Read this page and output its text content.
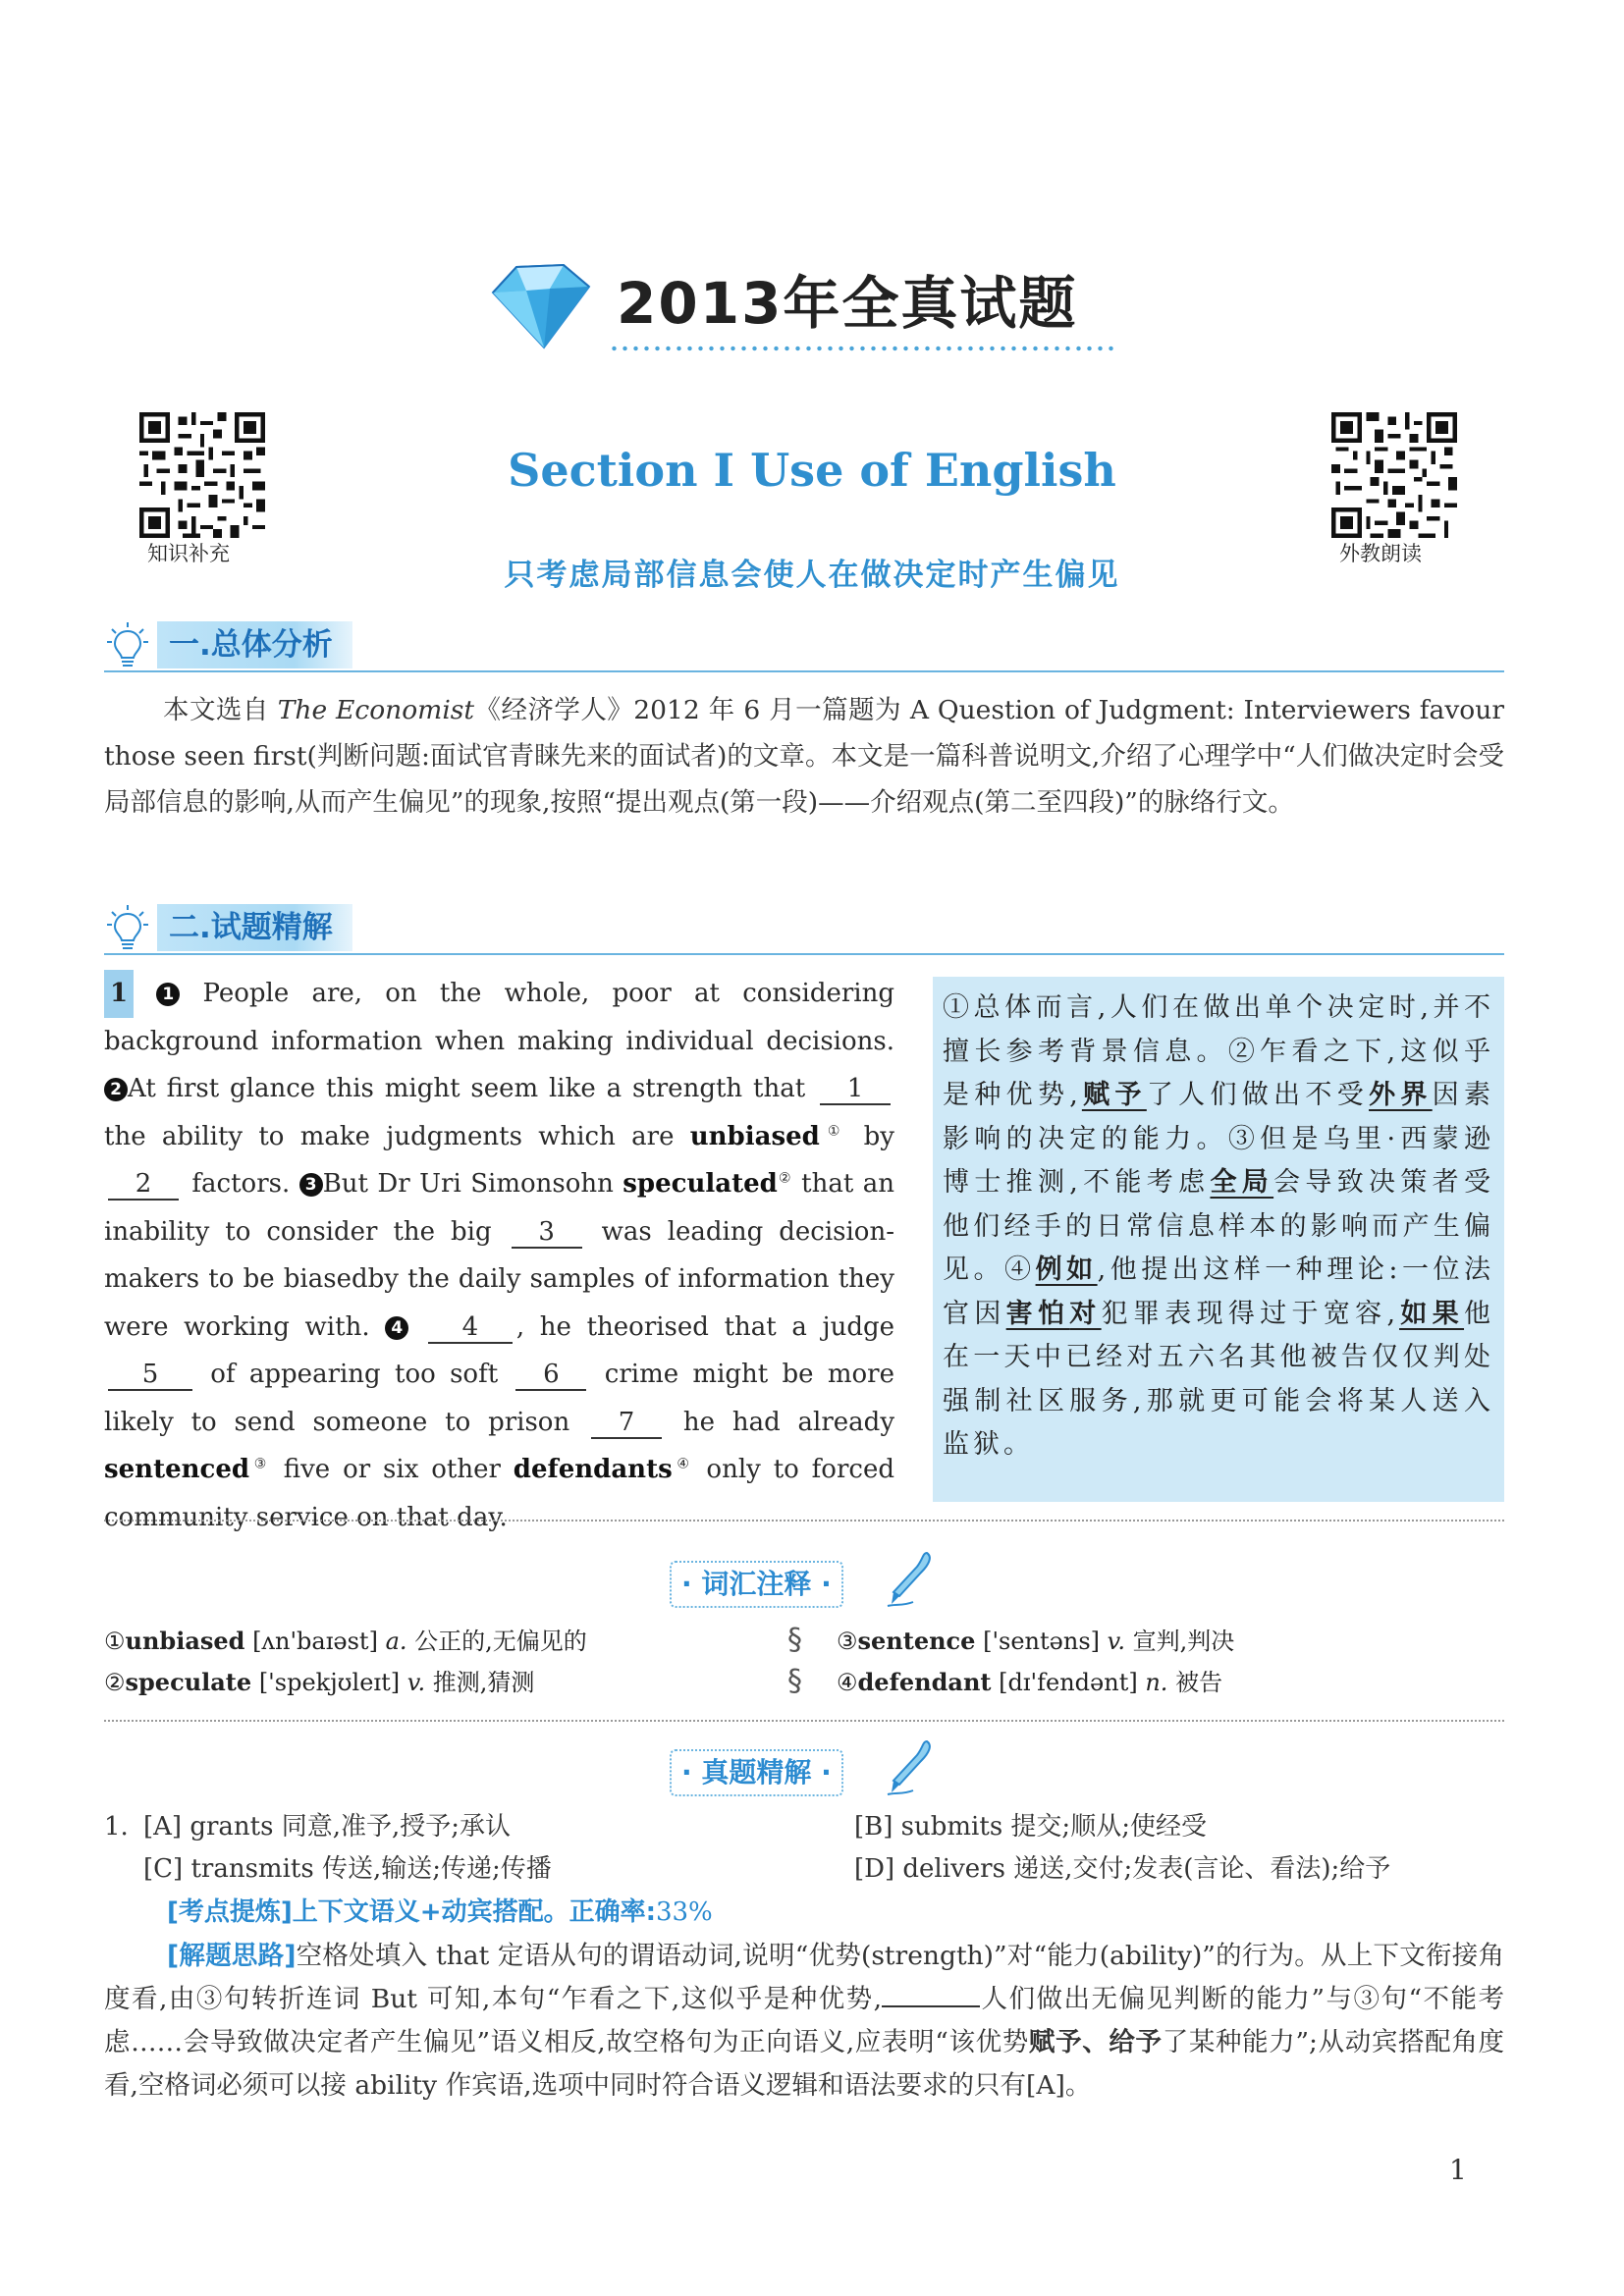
2013年全真试题
知识补充	外教朗读
Section Ⅰ Use of English
只考虑局部信息会使人在做决定时产生偏见
一.总体分析
本文选自 The Economist《经济学人》2012 年 6 月一篇题为 A Question of Judgment: Interviewers favour those seen first(判断问题:面试官青睐先来的面试者)的文章。本文是一篇科普说明文,介绍了心理学中“人们做决定时会受局部信息的影响,从而产生偏见”的现象,按照“提出观点(第一段)——介绍观点(第二至四段)”的脉络行文。
二.试题精解
1 1 People are, on the whole, poor at considering background information when making individual decisions. 2 At first glance this might seem like a strength that 1 the ability to make judgments which are unbiased① by 2 factors. 3 But Dr Uri Simonsohn speculated② that an inability to consider the big 3 was leading decision-makers to be biasedby the daily samples of information they were working with. 4 4 , he theorised that a judge 5 of appearing too soft 6 crime might be more likely to send someone to prison 7 he had already sentenced③ five or six other defendants④ only to forced community service on that day.
①总体而言,人们在做出单个决定时,并不擅长参考背景信息。②乍看之下,这似乎是种优势,赋予了人们做出不受外界因素影响的决定的能力。③但是乌里·西蒙逊博士推测,不能考虑全局会导致决策者受他们经手的日常信息样本的影响而产生偏见。④例如,他提出这样一种理论:一位法官因害怕对犯罪表现得过于宽容,如果他在一天中已经对五六名其他被告仅仅判处强制社区服务,那就更可能会将某人送入监狱。
· 词汇注释 ·
①unbiased [ʌn'baɪəst] a. 公正的,无偏见的
②speculate ['spekjʊleɪt] v. 推测,猜测
§
§
③sentence ['sentəns] v. 宣判,判决
④defendant [dɪ'fendənt] n. 被告
· 真题精解 ·
1. [A] grants 同意,准予,授予;承认	[B] submits 提交;顺从;使经受
[C] transmits 传送,输送;传递;传播	[D] delivers 递送,交付;发表(言论、看法);给予
[考点提炼]上下文语义+动宾搭配。正确率:33%
[解题思路]空格处填入 that 定语从句的谓语动词,说明“优势(strength)”对“能力(ability)”的行为。从上下文衔接角度看,由③句转折连词 But 可知,本句“乍看之下,这似乎是种优势,	人们做出无偏见判断的能力”与③句“不能考虑……会导致做决定者产生偏见”语义相反,故空格句为正向语义,应表明“该优势赋予、给予了某种能力”;从动宾搭配角度看,空格词必须可以接 ability 作宾语,选项中同时符合语义逻辑和语法要求的只有[A]。
1
